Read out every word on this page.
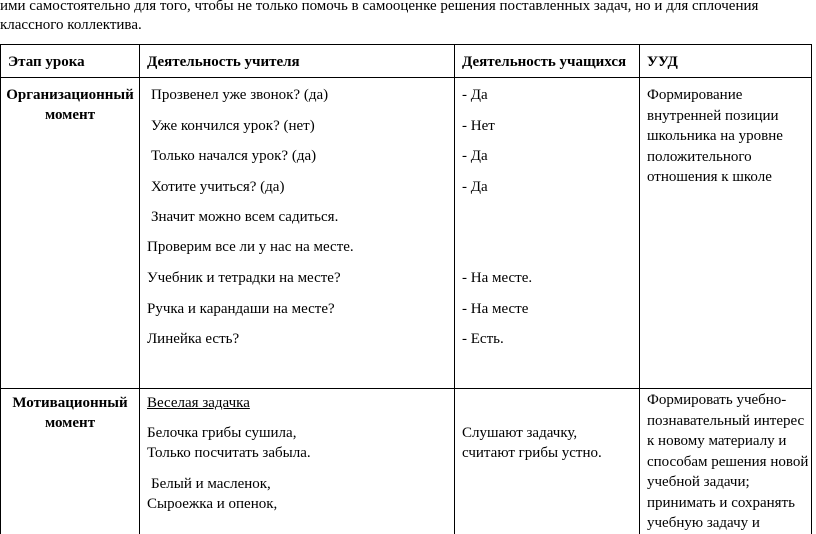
ими самостоятельно для того, чтобы не только помочь в самооценке решения поставленных задач, но и для сплочения
классного коллектива.
Этап урока	Деятельность учителя	Деятельность учащихся УУД
Организационный
момент
Прозвенел уже звонок? (да)
Уже кончился урок? (нет)
Только начался урок? (да)
Хотите учиться? (да)
Значит можно всем садиться.
Проверим все ли у нас на месте.
Учебник и тетрадки на месте?
Ручка и карандаши на месте?
Линейка есть?
- Да
- Нет
- Да
- Да
- На месте.
- На месте
- Есть.
Формирование
внутренней позиции
школьника на уровне
положительного
отношения к школе
Мотивационный
момент
Веселая задачка
Белочка грибы сушила,
Только посчитать забыла.
Белый и масленок,
Сыроежка и опенок,
Слушают задачку,
считают грибы устно.
Формировать учебно-
познавательный интерес
к новому материалу и
способам решения новой
учебной задачи;
принимать и сохранять
учебную задачу и
